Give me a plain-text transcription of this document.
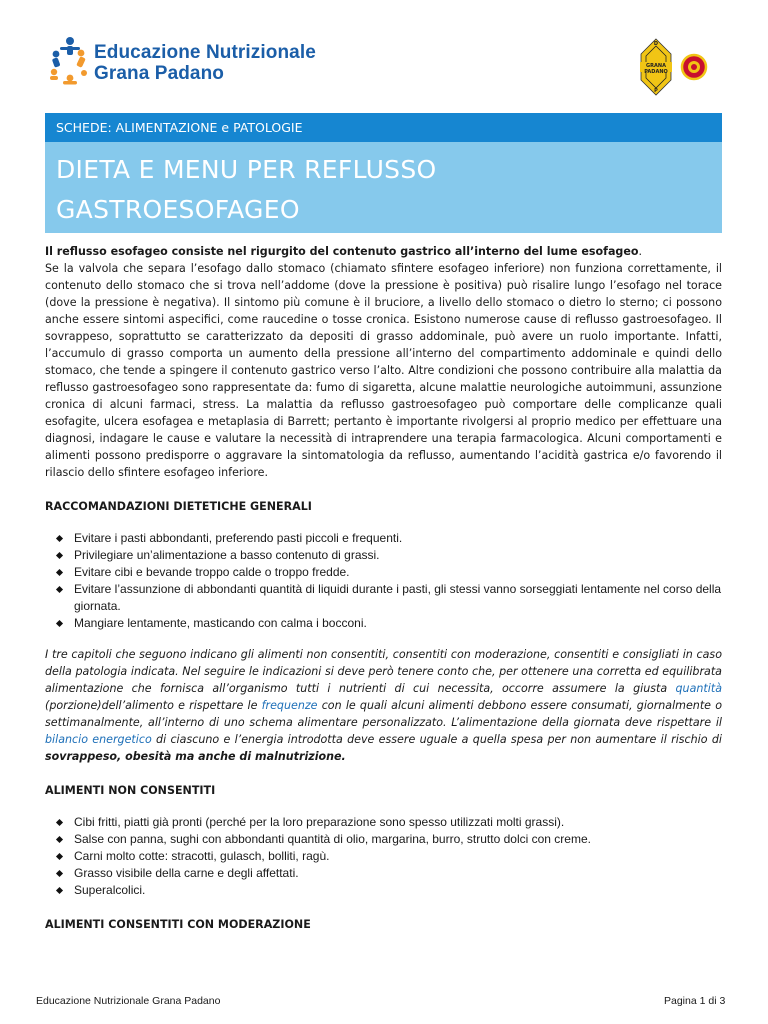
Educazione Nutrizionale
Grana Padano
D
GRANA
PADANO
P
SCHEDE: ALIMENTAZIONE e PATOLOGIE
DIETA E MENU PER REFLUSSO
GASTROESOFAGEO

Il reflusso esofageo consiste nel rigurgito del contenuto gastrico all’interno del lume esofageo.
Se la valvola che separa l’esofago dallo stomaco (chiamato sfintere esofageo inferiore) non funziona correttamente, il contenuto dello stomaco che si trova nell’addome (dove la pressione è positiva) può risalire lungo l’esofago nel torace (dove la pressione è negativa). Il sintomo più comune è il bruciore, a livello dello stomaco o dietro lo sterno; ci possono anche essere sintomi aspecifici, come raucedine o tosse cronica. Esistono numerose cause di reflusso gastroesofageo. Il sovrappeso, soprattutto se caratterizzato da depositi di grasso addominale, può avere un ruolo importante. Infatti, l’accumulo di grasso comporta un aumento della pressione all’interno del compartimento addominale e quindi dello stomaco, che tende a spingere il contenuto gastrico verso l’alto. Altre condizioni che possono contribuire alla malattia da reflusso gastroesofageo sono rappresentate da: fumo di sigaretta, alcune malattie neurologiche autoimmuni, assunzione cronica di alcuni farmaci, stress. La malattia da reflusso gastroesofageo può comportare delle complicanze quali esofagite, ulcera esofagea e metaplasia di Barrett; pertanto è importante rivolgersi al proprio medico per effettuare una diagnosi, indagare le cause e valutare la necessità di intraprendere una terapia farmacologica. Alcuni comportamenti e alimenti possono predisporre o aggravare la sintomatologia da reflusso, aumentando l’acidità gastrica e/o favorendo il rilascio dello sfintere esofageo inferiore.

RACCOMANDAZIONI DIETETICHE GENERALI
Evitare i pasti abbondanti, preferendo pasti piccoli e frequenti.
Privilegiare un’alimentazione a basso contenuto di grassi.
Evitare cibi e bevande troppo calde o troppo fredde.
Evitare l’assunzione di abbondanti quantità di liquidi durante i pasti, gli stessi vanno sorseggiati lentamente nel corso della giornata.
Mangiare lentamente, masticando con calma i bocconi.

I tre capitoli che seguono indicano gli alimenti non consentiti, consentiti con moderazione, consentiti e consigliati in caso della patologia indicata. Nel seguire le indicazioni si deve però tenere conto che, per ottenere una corretta ed equilibrata alimentazione che fornisca all’organismo tutti i nutrienti di cui necessita, occorre assumere la giusta quantità (porzione)dell’alimento e rispettare le frequenze con le quali alcuni alimenti debbono essere consumati, giornalmente o settimanalmente, all’interno di uno schema alimentare personalizzato. L’alimentazione della giornata deve rispettare il bilancio energetico di ciascuno e l’energia introdotta deve essere uguale a quella spesa per non aumentare il rischio di sovrappeso, obesità ma anche di malnutrizione.

ALIMENTI NON CONSENTITI
Cibi fritti, piatti già pronti (perché per la loro preparazione sono spesso utilizzati molti grassi).
Salse con panna, sughi con abbondanti quantità di olio, margarina, burro, strutto dolci con creme.
Carni molto cotte: stracotti, gulasch, bolliti, ragù.
Grasso visibile della carne e degli affettati.
Superalcolici.
ALIMENTI CONSENTITI CON MODERAZIONE
Educazione Nutrizionale Grana Padano	Pagina 1 di 3
